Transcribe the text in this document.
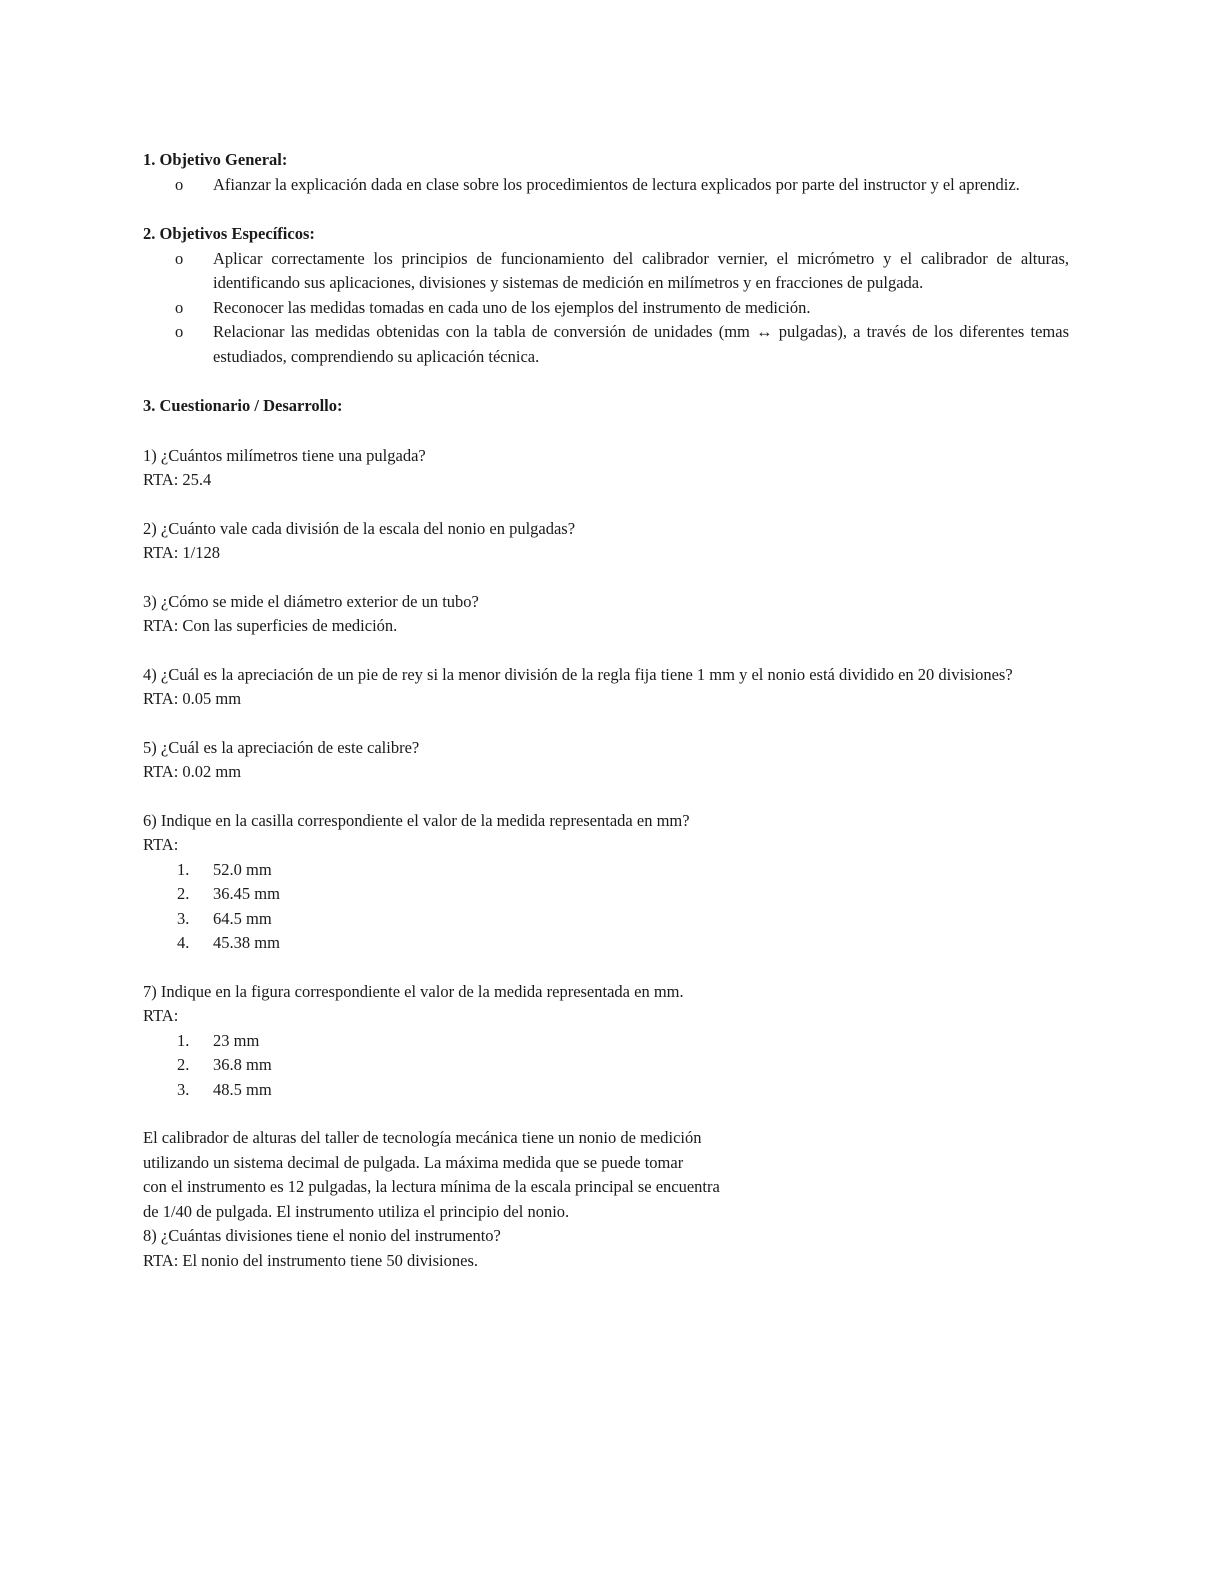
1. Objetivo General:

o Afianzar la explicación dada en clase sobre los procedimientos de lectura explicados por parte del instructor y el aprendiz.

2. Objetivos Específicos:

o Aplicar correctamente los principios de funcionamiento del calibrador vernier, el micrómetro y el calibrador de alturas, identificando sus aplicaciones, divisiones y sistemas de medición en milímetros y en fracciones de pulgada.
o Reconocer las medidas tomadas en cada uno de los ejemplos del instrumento de medición.
o Relacionar las medidas obtenidas con la tabla de conversión de unidades (mm ↔ pulgadas), a través de los diferentes temas estudiados, comprendiendo su aplicación técnica.

3. Cuestionario / Desarrollo:

1) ¿Cuántos milímetros tiene una pulgada?

RTA: 25.4

2) ¿Cuánto vale cada división de la escala del nonio en pulgadas?

RTA: 1/128

3) ¿Cómo se mide el diámetro exterior de un tubo?

RTA: Con las superficies de medición.

4) ¿Cuál es la apreciación de un pie de rey si la menor división de la regla fija tiene 1 mm y el nonio está dividido en 20 divisiones?

RTA: 0.05 mm

5) ¿Cuál es la apreciación de este calibre?

RTA: 0.02 mm

6) Indique en la casilla correspondiente el valor de la medida representada en mm?

RTA:

1. 52.0 mm
2. 36.45 mm
3. 64.5 mm
4. 45.38 mm

7) Indique en la figura correspondiente el valor de la medida representada en mm.

RTA:

1. 23 mm
2. 36.8 mm
3. 48.5 mm

El calibrador de alturas del taller de tecnología mecánica tiene un nonio de medición

utilizando un sistema decimal de pulgada. La máxima medida que se puede tomar

con el instrumento es 12 pulgadas, la lectura mínima de la escala principal se encuentra

de 1/40 de pulgada. El instrumento utiliza el principio del nonio.

8) ¿Cuántas divisiones tiene el nonio del instrumento?

RTA: El nonio del instrumento tiene 50 divisiones.
